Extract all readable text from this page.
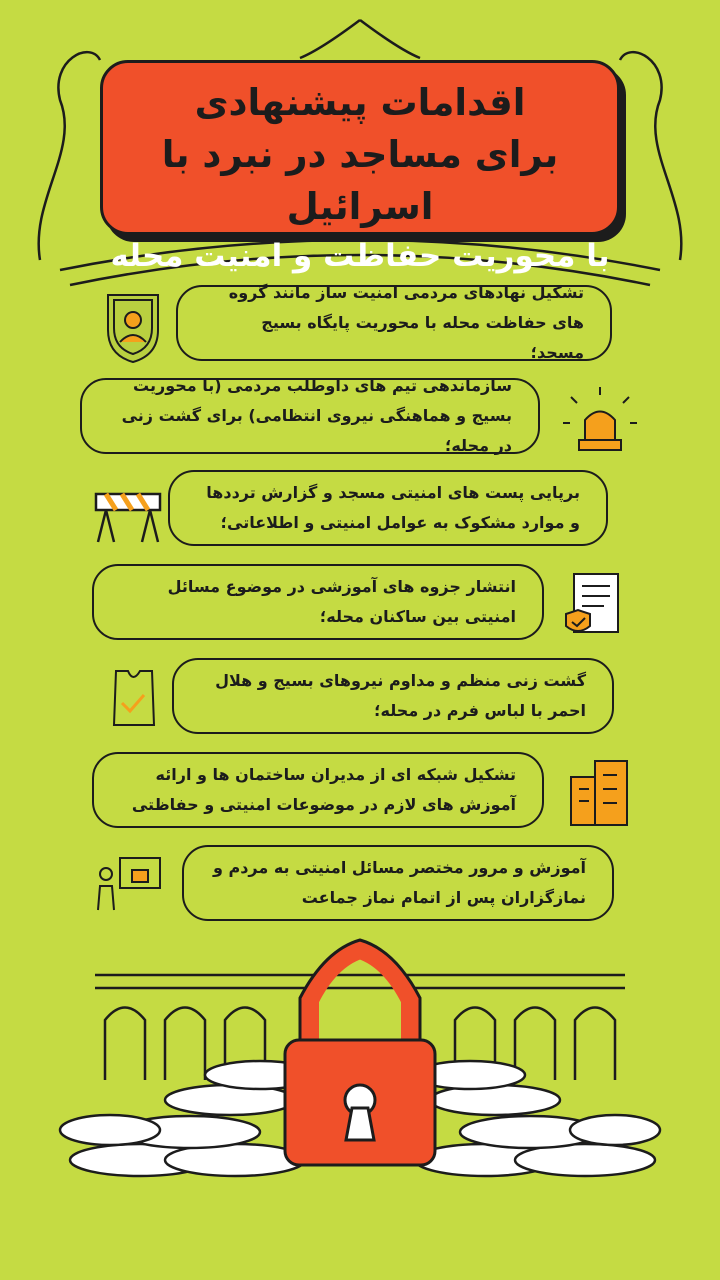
اقدامات پیشنهادی
برای مساجد در نبرد با اسرائیل
با محوریت حفاظت و امنیت محله
تشکیل نهادهای مردمی امنیت ساز مانند گروه های حفاظت محله با محوریت پایگاه بسیج مسجد؛
سازماندهی تیم های داوطلب مردمی (با محوریت بسیج و هماهنگی نیروی انتظامی) برای گشت زنی در محله؛
برپایی پست های امنیتی مسجد و گزارش ترددها و موارد مشکوک به عوامل امنیتی و اطلاعاتی؛
انتشار جزوه های آموزشی در موضوع مسائل امنیتی بین ساکنان محله؛
گشت زنی منظم و مداوم نیروهای بسیج و هلال احمر با لباس فرم در محله؛
تشکیل شبکه ای از مدیران ساختمان ها و ارائه آموزش های لازم در موضوعات امنیتی و حفاظتی
آموزش و مرور مختصر مسائل امنیتی به مردم و نمازگزاران پس از اتمام نماز جماعت
